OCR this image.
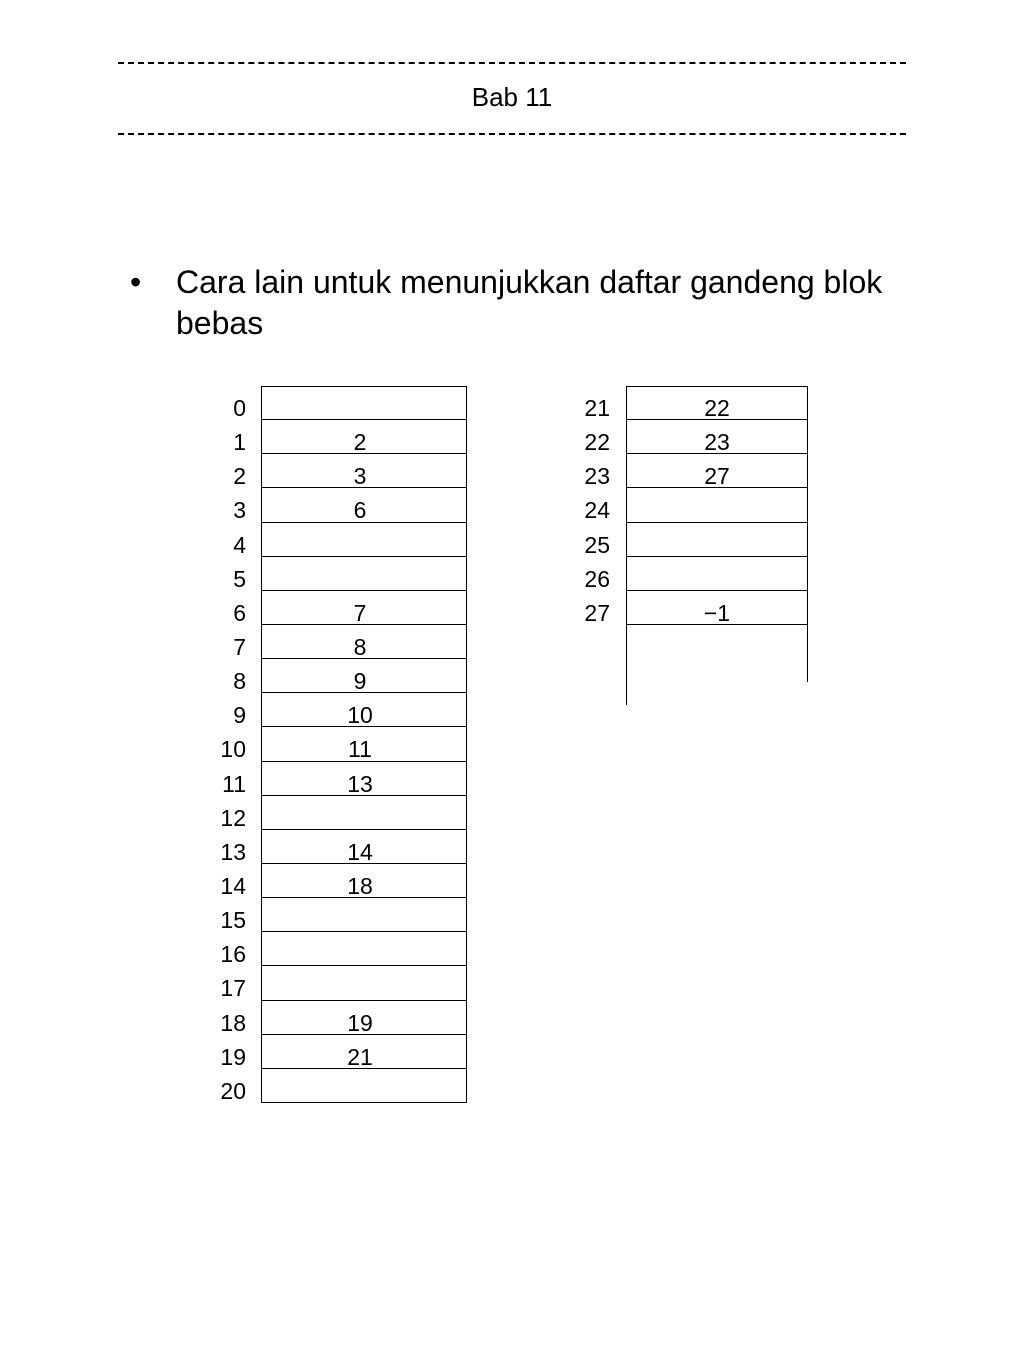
Bab 11
• Cara lain untuk menunjukkan daftar gandeng blok bebas
0
1	2
2	3
3	6
4
5
6	7
7	8
8	9
9	10
10	11
11	13
12
13	14
14	18
15
16
17
18	19
19	21
20
21	22
22	23
23	27
24
25
26
27	−1
